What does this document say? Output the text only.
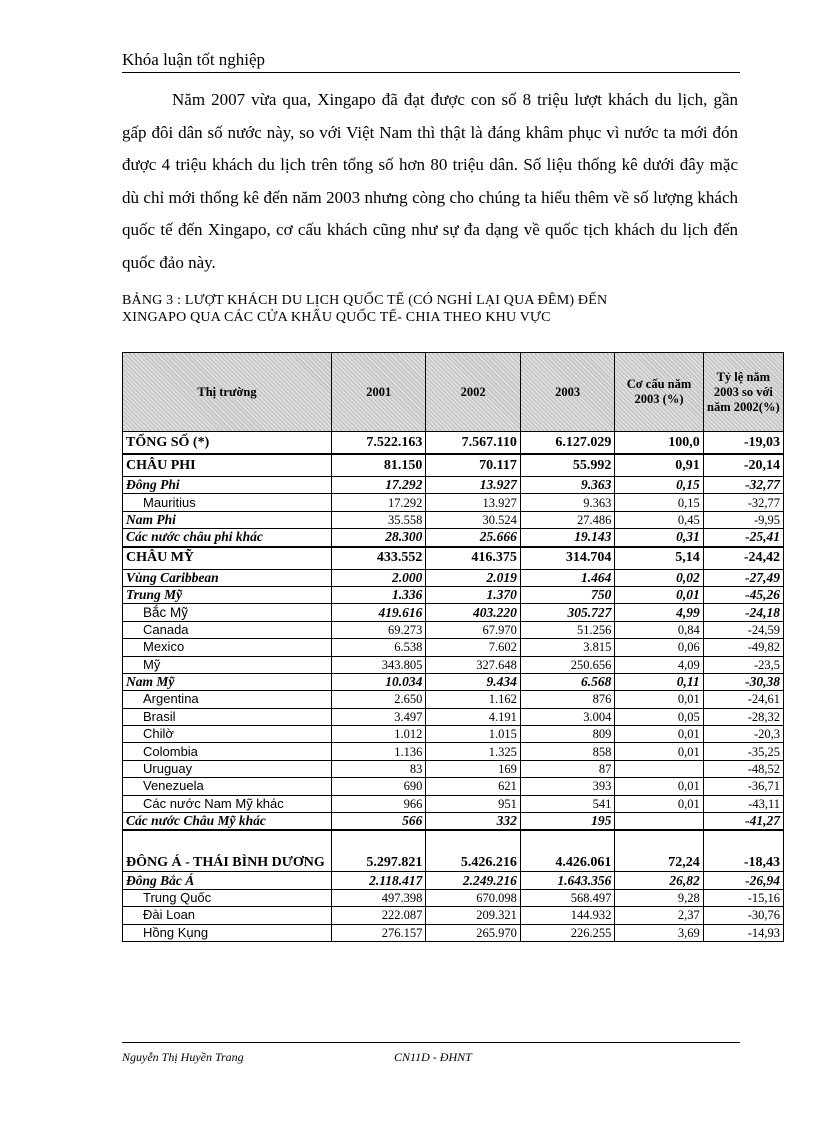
Khóa luận tốt nghiệp

Năm 2007 vừa qua, Xingapo đã đạt được con số 8 triệu lượt khách du lịch, gần gấp đôi dân số nước này, so với Việt Nam thì thật là đáng khâm phục vì nước ta mới đón được 4 triệu khách du lịch trên tổng số hơn 80 triệu dân. Số liệu thống kê dưới đây mặc dù chỉ mới thống kê đến năm 2003 nhưng còng cho chúng ta hiểu thêm về số lượng khách quốc tế đến Xingapo, cơ cấu khách cũng như sự đa dạng về quốc tịch khách du lịch đến quốc đảo này.

BẢNG 3 : LƯỢT KHÁCH DU LỊCH QUỐC TẾ (CÓ NGHỈ LẠI QUA ĐÊM) ĐẾN
XINGAPO QUA CÁC CỬA KHẨU QUỐC TẾ- CHIA THEO KHU VỰC
Thị trường	2001	2002	2003	Cơ cấu năm 2003 (%)	Tỷ lệ năm 2003 so với năm 2002(%)
TỔNG SỐ (*)	7.522.163	7.567.110	6.127.029	100,0	-19,03
CHÂU PHI	81.150	70.117	55.992	0,91	-20,14
Đông Phi	17.292	13.927	9.363	0,15	-32,77
Mauritius	17.292	13.927	9.363	0,15	-32,77
Nam Phi	35.558	30.524	27.486	0,45	-9,95
Các nước châu phi khác	28.300	25.666	19.143	0,31	-25,41
CHÂU MỸ	433.552	416.375	314.704	5,14	-24,42
Vùng Caribbean	2.000	2.019	1.464	0,02	-27,49
Trung Mỹ	1.336	1.370	750	0,01	-45,26
Bắc Mỹ	419.616	403.220	305.727	4,99	-24,18
Canada	69.273	67.970	51.256	0,84	-24,59
Mexico	6.538	7.602	3.815	0,06	-49,82
Mỹ	343.805	327.648	250.656	4,09	-23,5
Nam Mỹ	10.034	9.434	6.568	0,11	-30,38
Argentina	2.650	1.162	876	0,01	-24,61
Brasil	3.497	4.191	3.004	0,05	-28,32
Chilờ	1.012	1.015	809	0,01	-20,3
Colombia	1.136	1.325	858	0,01	-35,25
Uruguay	83	169	87		-48,52
Venezuela	690	621	393	0,01	-36,71
Các nước Nam Mỹ khác	966	951	541	0,01	-43,11
Các nước Châu Mỹ khác	566	332	195		-41,27
ĐÔNG Á - THÁI BÌNH DƯƠNG	5.297.821	5.426.216	4.426.061	72,24	-18,43
Đông Bắc Á	2.118.417	2.249.216	1.643.356	26,82	-26,94
Trung Quốc	497.398	670.098	568.497	9,28	-15,16
Đài Loan	222.087	209.321	144.932	2,37	-30,76
Hồng Kụng	276.157	265.970	226.255	3,69	-14,93
Nguyễn Thị Huyền Trang	CN11D - ĐHNT
